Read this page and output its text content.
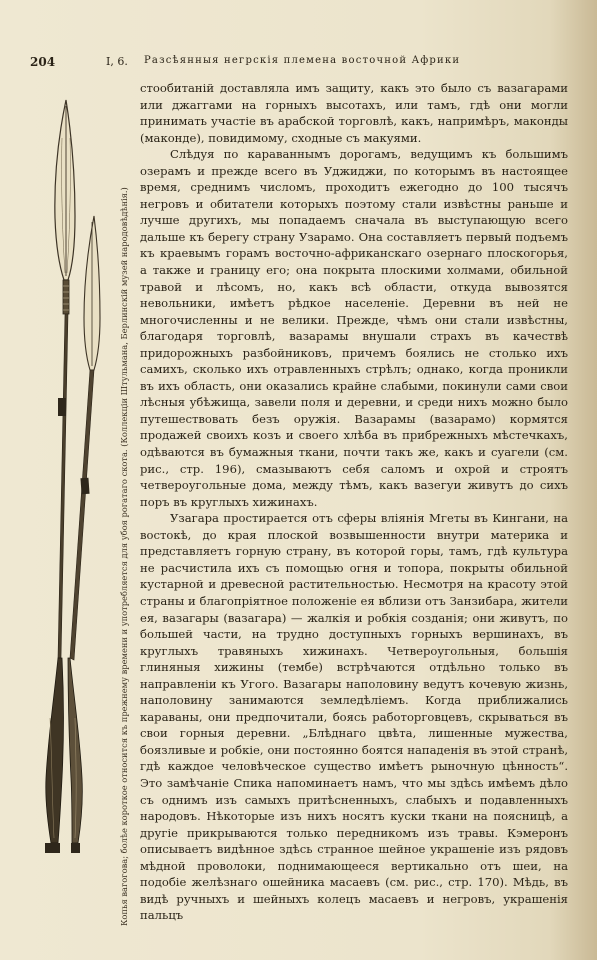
204	I, 6. Разсѣянныя негрскія племена восточной Африки
Копья вагогова; болѣе короткое относится къ прежнему времени и употребляется для убоя рогатаго скота. (Коллекціи Штульмана, Берлинскій музей народовѣдѣнія.)

стообитаній доставляла имъ защиту, какъ это было съ вазагарами или джаггами на горныхъ высотахъ, или тамъ, гдѣ они могли принимать участіе въ арабской торговлѣ, какъ, напримѣръ, маконды (маконде), повидимому, сходные съ макуями.

Слѣдуя по караваннымъ дорогамъ, ведущимъ къ большимъ озерамъ и прежде всего въ Уджиджи, по которымъ въ настоящее время, среднимъ числомъ, проходитъ ежегодно до 100 тысячъ негровъ и обитатели которыхъ поэтому стали извѣстны раньше и лучше другихъ, мы попадаемъ сначала въ выступающую всего дальше къ берегу страну Узарамо. Она составляетъ первый подъемъ къ краевымъ горамъ восточно-африканскаго озернаго плоскогорья, а также и границу его; она покрыта плоскими холмами, обильной травой и лѣсомъ, но, какъ всѣ области, откуда вывозятся невольники, имѣетъ рѣдкое населеніе. Деревни въ ней не многочисленны и не велики. Прежде, чѣмъ они стали извѣстны, благодаря торговлѣ, вазарамы внушали страхъ въ качествѣ придорожныхъ разбойниковъ, причемъ боялись не столько ихъ самихъ, сколько ихъ отравленныхъ стрѣлъ; однако, когда проникли въ ихъ область, они оказались крайне слабыми, покинули сами свои лѣсныя убѣжища, завели поля и деревни, и среди нихъ можно было путешествовать безъ оружія. Вазарамы (вазарамо) кормятся продажей своихъ козъ и своего хлѣба въ прибрежныхъ мѣстечкахъ, одѣваются въ бумажныя ткани, почти такъ же, какъ и суагели (см. рис., стр. 196), смазываютъ себя саломъ и охрой и строятъ четвероугольные дома, между тѣмъ, какъ вазегуи живутъ до сихъ поръ въ круглыхъ хижинахъ.

Узагара простирается отъ сферы вліянія Мгеты въ Кингани, на востокѣ, до края плоской возвышенности внутри материка и представляетъ горную страну, въ которой горы, тамъ, гдѣ культура не расчистила ихъ съ помощью огня и топора, покрыты обильной кустарной и древесной растительностью. Несмотря на красоту этой страны и благопріятное положеніе ея вблизи отъ Занзибара, жители ея, вазагары (вазагара) — жалкія и робкія созданія; они живутъ, по большей части, на трудно доступныхъ горныхъ вершинахъ, въ круглыхъ травяныхъ хижинахъ. Четвероугольныя, большія глиняныя хижины (тембе) встрѣчаются отдѣльно только въ направленіи къ Угого. Вазагары наполовину ведутъ кочевую жизнь, наполовину занимаются земледѣліемъ. Когда приближались караваны, они предпочитали, боясь работорговцевъ, скрываться въ свои горныя деревни. „Блѣднаго цвѣта, лишенные мужества, боязливые и робкіе, они постоянно боятся нападенія въ этой странѣ, гдѣ каждое человѣческое существо имѣетъ рыночную цѣнность“. Это замѣчаніе Спика напоминаетъ намъ, что мы здѣсь имѣемъ дѣло съ однимъ изъ самыхъ притѣсненныхъ, слабыхъ и подавленныхъ народовъ. Нѣкоторые изъ нихъ носятъ куски ткани на поясницѣ, а другіе прикрываются только передникомъ изъ травы. Кэмеронъ описываетъ видѣнное здѣсь странное шейное украшеніе изъ рядовъ мѣдной проволоки, поднимающееся вертикально отъ шеи, на подобіе желѣзнаго ошейника масаевъ (см. рис., стр. 170). Мѣдь, въ видѣ ручныхъ и шейныхъ колецъ масаевъ и негровъ, украшенія пальцъ
